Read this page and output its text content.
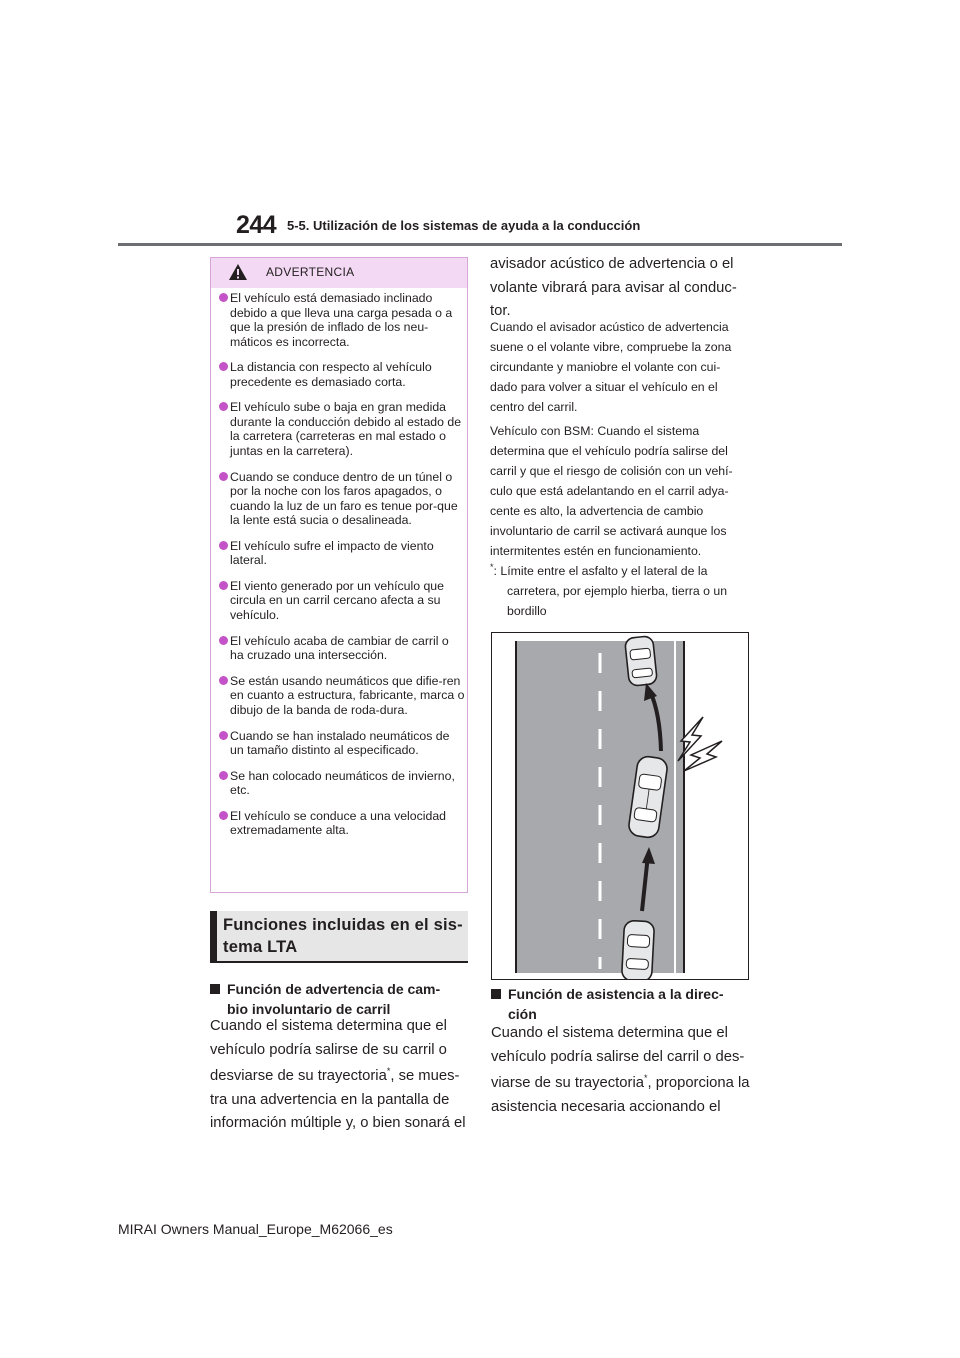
244 5-5. Utilización de los sistemas de ayuda a la conducción
ADVERTENCIA
El vehículo está demasiado inclinado debido a que lleva una carga pesada o a que la presión de inflado de los neu-máticos es incorrecta.
La distancia con respecto al vehículo precedente es demasiado corta.
El vehículo sube o baja en gran medida durante la conducción debido al estado de la carretera (carreteras en mal estado o juntas en la carretera).
Cuando se conduce dentro de un túnel o por la noche con los faros apagados, o cuando la luz de un faro es tenue por-que la lente está sucia o desalineada.
El vehículo sufre el impacto de viento lateral.
El viento generado por un vehículo que circula en un carril cercano afecta a su vehículo.
El vehículo acaba de cambiar de carril o ha cruzado una intersección.
Se están usando neumáticos que difie-ren en cuanto a estructura, fabricante, marca o dibujo de la banda de roda-dura.
Cuando se han instalado neumáticos de un tamaño distinto al especificado.
Se han colocado neumáticos de invierno, etc.
El vehículo se conduce a una velocidad extremadamente alta.
Funciones incluidas en el sis-
tema LTA
Función de advertencia de cam-
bio involuntario de carril
Cuando el sistema determina que el
vehículo podría salirse de su carril o
desviarse de su trayectoria*, se mues-
tra una advertencia en la pantalla de
información múltiple y, o bien sonará el
avisador acústico de advertencia o el
volante vibrará para avisar al conduc-
tor.
Cuando el avisador acústico de advertencia
suene o el volante vibre, compruebe la zona
circundante y maniobre el volante con cui-
dado para volver a situar el vehículo en el
centro del carril.
Vehículo con BSM: Cuando el sistema
determina que el vehículo podría salirse del
carril y que el riesgo de colisión con un vehí-
culo que está adelantando en el carril adya-
cente es alto, la advertencia de cambio
involuntario de carril se activará aunque los
intermitentes estén en funcionamiento.
*: Límite entre el asfalto y el lateral de la
carretera, por ejemplo hierba, tierra o un
bordillo
Función de asistencia a la direc-
ción
Cuando el sistema determina que el
vehículo podría salirse del carril o des-
viarse de su trayectoria*, proporciona la
asistencia necesaria accionando el
MIRAI Owners Manual_Europe_M62066_es
